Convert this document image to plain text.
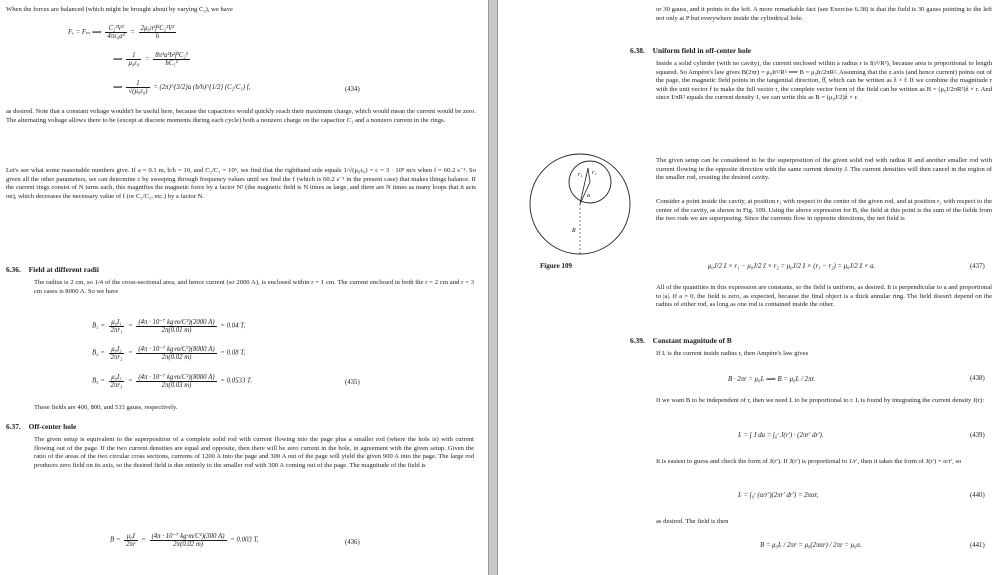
When the forces are balanced (which might be brought about by varying C₂), we have
Fₑ = Fₘ ⟹ $\frac{\text{C₂²V²}}{\text{4πε₀a²}} = \frac{\text{2μ₀π²f²C₂²V²}}{h}$
⟹ $\frac{1}{\text{μ₀ε₀}} = \frac{\text{8π³a²b²f²C₂²}}{\text{hC₁²}}$
⟹ $\frac{1}{\text{√(μ₀ε₀)}}$ = (2π)^{3/2}a (b/h)^{1/2} (C₂/C₁) f,	(434)
as desired. Note that a constant voltage wouldn't be useful here, because the capacitors would quickly reach their maximum charge, which would mean the current would be zero. The alternating voltage allows there to be (except at discrete moments during each cycle) both a nonzero charge on the capacitor C₁ and a nonzero current in the rings.
Let's see what some reasonable numbers give. If a = 0.1 m, b/h = 10, and C₂/C₁ = 10⁶, we find that the righthand side equals 1/√(μ₀ε₀) = c = 3 · 10⁸ m/s when f = 60.2 s⁻¹. So given all the other parameters, we can determine c by sweeping through frequency values until we find the f (which is 60.2 s⁻¹ in the present case) that makes things balance. If the current rings consist of N turns each, this magnifies the magnetic force by a factor N² (the magnetic field is N times as large, and there are N times as many loops that it acts on), which decreases the necessary value of f (or C₂/C₁, etc.) by a factor N.
6.36. Field at different radii
The radius is 2 cm, so 1/4 of the cross-sectional area, and hence current (so 2000 A), is enclosed within r = 1 cm. The current enclosed in both the r = 2 cm and r = 3 cm cases is 8000 A. So we have
$B_1 = \frac{\text{μ₀I₁}}{\text{2πr₁}} = \frac{\text{(4π · 10⁻⁷ kg·m/C²)(2000 A)}}{2\pi(0.01 m)} = 0.04$ T,
$B_2 = \frac{\text{μ₀I₂}}{\text{2πr₂}} = \frac{\text{(4π · 10⁻⁷ kg·m/C²)(8000 A)}}{2\pi(0.02 m)} = 0.08$ T,
$B_3 = \frac{\text{μ₀I₃}}{\text{2πr₃}} = \frac{\text{(4π · 10⁻⁷ kg·m/C²)(8000 A)}}{2\pi(0.03 m)} = 0.0533$ T.	(435)
These fields are 400, 800, and 533 gauss, respectively.
6.37. Off-center hole
The given setup is equivalent to the superposition of a complete solid rod with current flowing into the page plus a smaller rod (where the hole is) with current flowing out of the page. If the two current densities are equal and opposite, then there will be zero current in the hole, in agreement with the given setup. Given the ratio of the areas of the two circular cross sections, currents of 1200 A into the page and 300 A out of the page will yield the given 900 A into the page. The large rod produces zero field on its axis, so the desired field is due entirely to the smaller rod with 300 A coming out of the page. The magnitude of the field is
$B = \frac{\text{μ₀I}}{2\pi r} = \frac{\text{(4π · 10⁻⁷ kg·m/C²)(300 A)}}{2\pi(0.02 m)} = 0.003$ T,	(436)
or 30 gauss, and it points to the left. A more remarkable fact (see Exercise 6.38) is that the field is 30 gauss pointing to the left not only at P but everywhere inside the cylindrical hole.
6.38. Uniform field in off-center hole
Inside a solid cylinder (with no cavity), the current enclosed within a radius r is I(r²/R²), because area is proportional to length squared. So Ampère's law gives B(2πr) = μ₀Ir²/R² ⟹ B = μ₀Ir/2πR². Assuming that the z axis (and hence current) points out of the page, the magnetic field points in the tangential direction, θ̂, which can be written as ẑ × r̂. If we combine the magnitude r with the unit vector r̂ to make the full vector r, the complete vector form of the field can be written as B = (μ₀I/2πR²)ẑ × r. And since I/πR² equals the current density J, we can write this as B = (μ₀J/2)ẑ × r.
The given setup can be considered to be the superposition of the given solid rod with radius R and another smaller rod with current flowing in the opposite direction with the same current density J. The current densities will then cancel in the region of the smaller rod, creating the desired cavity.
Consider a point inside the cavity, at position r₁ with respect to the center of the given rod, and at position r₂ with respect to the center of the cavity, as shown in Fig. 109. Using the above expression for B, the field at this point is the sum of the fields from the two rods we are superposing. Since the currents flow in opposite directions, the net field is
r₁ r₂
a
R
Figure 109	μ₀J/2 ẑ × r₁ − μ₀J/2 ẑ × r₂ = μ₀J/2 ẑ × (r₁ − r₂) = μ₀J/2 ẑ × a.	(437)
All of the quantities in this expression are constants, so the field is uniform, as desired. It is perpendicular to a and proportional to |a|. If a = 0, the field is zero, as expected, because the final object is a thick annular ring. The field doesn't depend on the radius of either rod, as long as one rod is contained inside the other.
6.39. Constant magnitude of B
If Iᵣ is the current inside radius r, then Ampère's law gives
B · 2πr = μ₀Iᵣ ⟹ B = μ₀Iᵣ / 2πr.	(438)
If we want B to be independent of r, then we need Iᵣ to be proportional to r. Iᵣ is found by integrating the current density J(r):
Iᵣ = ∫ J da = ∫₀ʳ J(r′) · (2πr′ dr′).	(439)
It is easiest to guess and check the form of J(r′). If J(r′) is proportional to 1/r′, then it takes the form of J(r′) = α/r′, so
Iᵣ = ∫₀ʳ (α/r′)(2πr′ dr′) = 2παr,	(440)
as desired. The field is then
B = μ₀Iᵣ / 2πr = μ₀(2παr) / 2πr = μ₀α.	(441)
